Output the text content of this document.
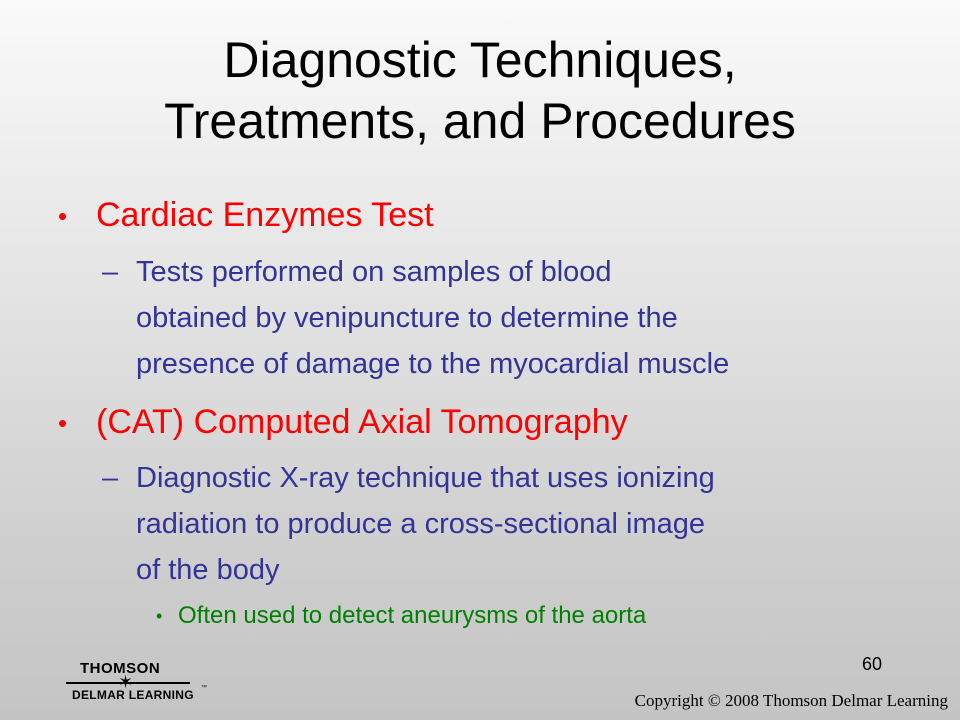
Diagnostic Techniques,
Treatments, and Procedures
• Cardiac Enzymes Test
– Tests performed on samples of blood
obtained by venipuncture to determine the
presence of damage to the myocardial muscle
• (CAT) Computed Axial Tomography
– Diagnostic X-ray technique that uses ionizing
radiation to produce a cross-sectional image
of the body
• Often used to detect aneurysms of the aorta
60
THOMSON
✶
DELMAR LEARNING ™
Copyright © 2008 Thomson Delmar Learning
